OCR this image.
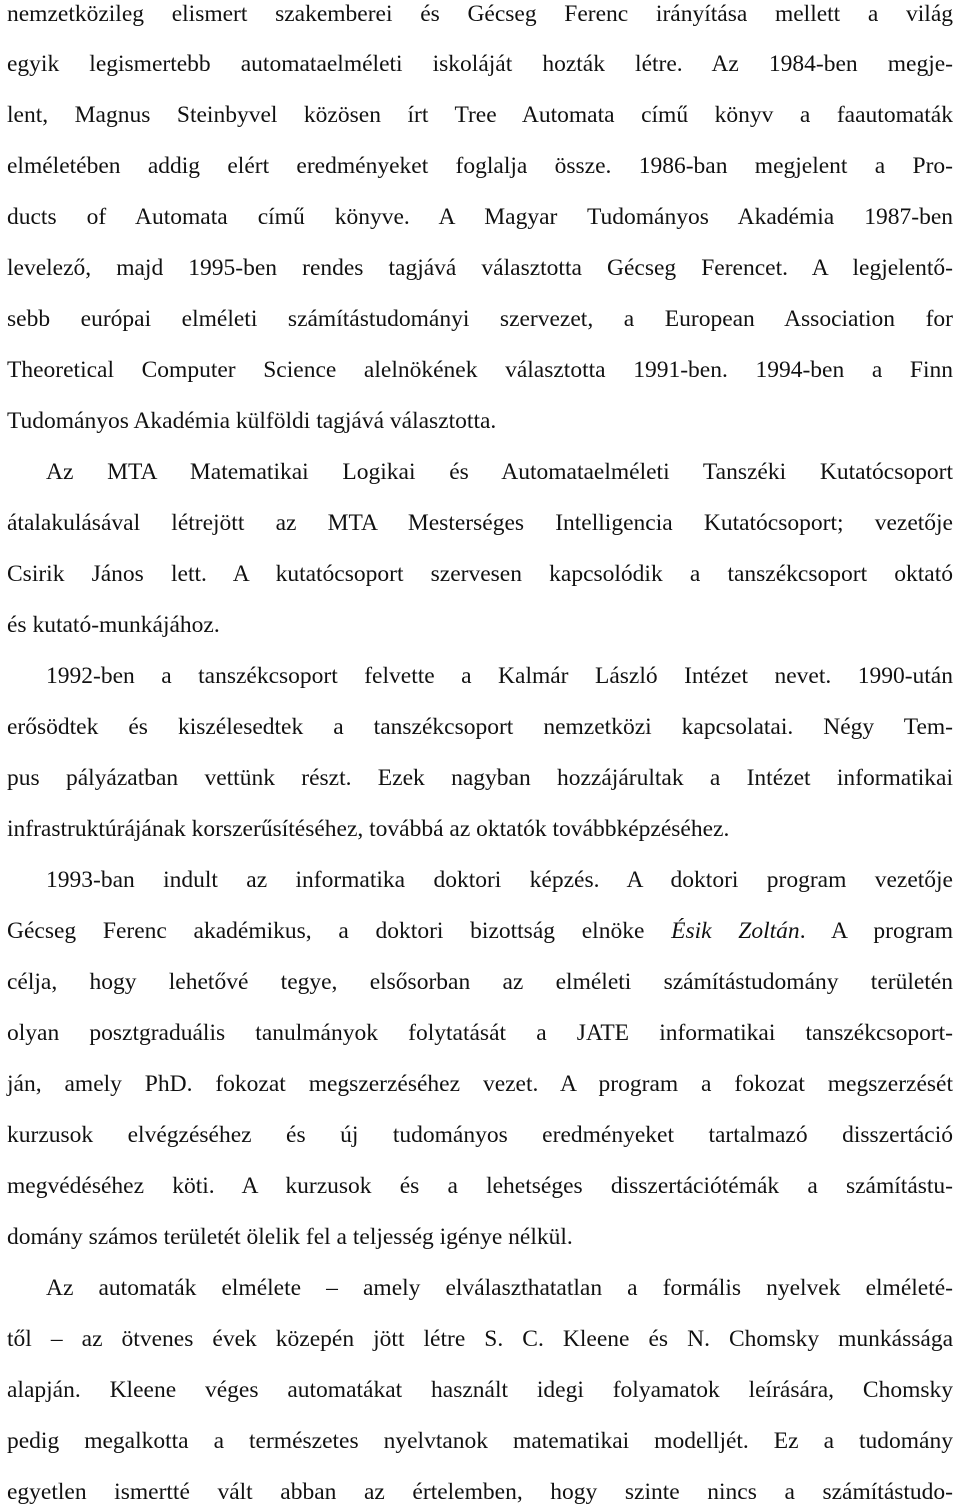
nemzetközileg elismert szakemberei és Gécseg Ferenc irányítása mellett a világ
egyik legismertebb automataelméleti iskoláját hozták létre. Az 1984-ben megje-
lent, Magnus Steinbyvel közösen írt Tree Automata című könyv a faautomaták
elméletében addig elért eredményeket foglalja össze. 1986-ban megjelent a Pro-
ducts of Automata című könyve. A Magyar Tudományos Akadémia 1987-ben
levelező, majd 1995-ben rendes tagjává választotta Gécseg Ferencet. A legjelentő-
sebb európai elméleti számítástudományi szervezet, a European Association for
Theoretical Computer Science alelnökének választotta 1991-ben. 1994-ben a Finn
Tudományos Akadémia külföldi tagjává választotta.
Az MTA Matematikai Logikai és Automataelméleti Tanszéki Kutatócsoport
átalakulásával létrejött az MTA Mesterséges Intelligencia Kutatócsoport; vezetője
Csirik János lett. A kutatócsoport szervesen kapcsolódik a tanszékcsoport oktató
és kutató-munkájához.
1992-ben a tanszékcsoport felvette a Kalmár László Intézet nevet. 1990-után
erősödtek és kiszélesedtek a tanszékcsoport nemzetközi kapcsolatai. Négy Tem-
pus pályázatban vettünk részt. Ezek nagyban hozzájárultak a Intézet informatikai
infrastruktúrájának korszerűsítéséhez, továbbá az oktatók továbbképzéséhez.
1993-ban indult az informatika doktori képzés. A doktori program vezetője
Gécseg Ferenc akadémikus, a doktori bizottság elnöke Ésik Zoltán. A program
célja, hogy lehetővé tegye, elsősorban az elméleti számítástudomány területén
olyan posztgraduális tanulmányok folytatását a JATE informatikai tanszékcsoport-
ján, amely PhD. fokozat megszerzéséhez vezet. A program a fokozat megszerzését
kurzusok elvégzéséhez és új tudományos eredményeket tartalmazó disszertáció
megvédéséhez köti. A kurzusok és a lehetséges disszertációtémák a számítástu-
domány számos területét ölelik fel a teljesség igénye nélkül.
Az automaták elmélete – amely elválaszthatatlan a formális nyelvek elméleté-
től – az ötvenes évek közepén jött létre S. C. Kleene és N. Chomsky munkássága
alapján. Kleene véges automatákat használt idegi folyamatok leírására, Chomsky
pedig megalkotta a természetes nyelvtanok matematikai modelljét. Ez a tudomány
egyetlen ismertté vált abban az értelemben, hogy szinte nincs a számítástudo-
